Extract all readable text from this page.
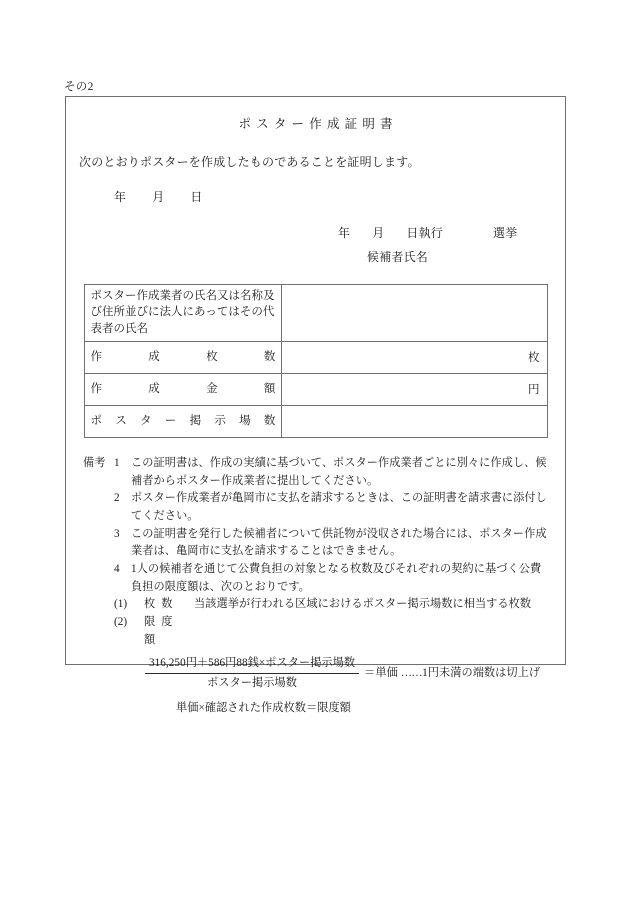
その2
ポスター作成証明書
次のとおりポスターを作成したものであることを証明します。
年 月 日
年 月 日執行	選挙
候補者氏名
ポスター作成業者の氏名又は名称及び住所並びに法人にあってはその代表者の氏名	

作成枚数	枚

作成金額	円

ポスター掲示場数	

備考 1	この証明書は、作成の実績に基づいて、ポスター作成業者ごとに別々に作成し、候
補者からポスター作成業者に提出してください。
2	ポスター作成業者が亀岡市に支払を請求するときは、この証明書を請求書に添付し
てください。
3	この証明書を発行した候補者について供託物が没収された場合には、ポスター作成
業者は、亀岡市に支払を請求することはできません。
4	1人の候補者を通じて公費負担の対象となる枚数及びそれぞれの契約に基づく公費
負担の限度額は、次のとおりです。
(1)	枚数	当該選挙が行われる区域におけるポスター掲示場数に相当する枚数
(2)	限度額
$\frac{\text{316,250円＋586円88銭×ポスター掲示場数}}{\text{ポスター掲示場数}}$ ＝単価 ……1円未満の端数は切上げ
単価×確認された作成枚数＝限度額
